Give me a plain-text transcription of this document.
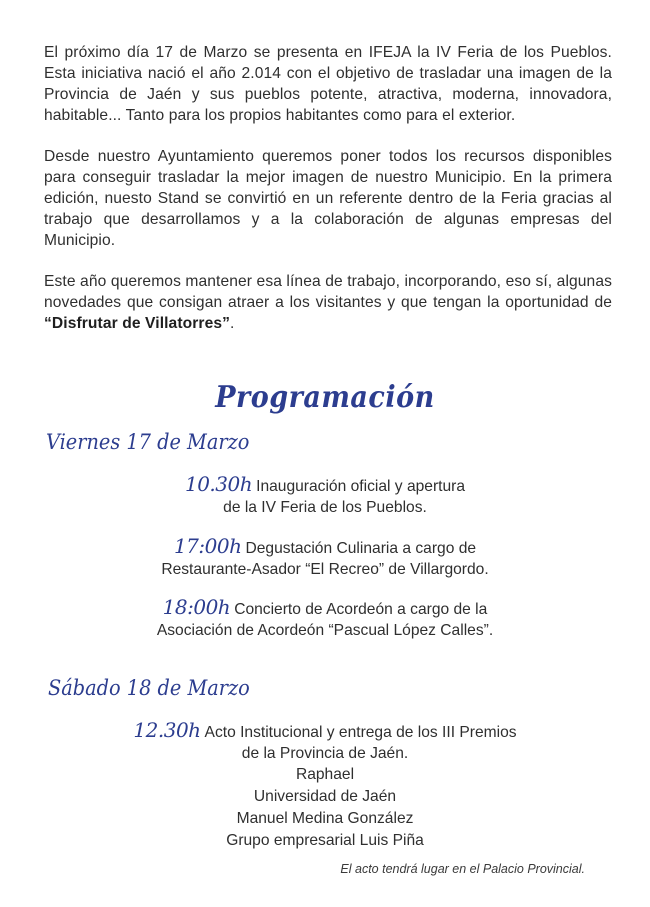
El próximo día 17 de Marzo se presenta en IFEJA la IV Feria de los Pueblos. Esta iniciativa nació el año 2.014 con el objetivo de trasladar una imagen de la Provincia de Jaén y sus pueblos potente, atractiva, moderna, innovadora, habitable... Tanto para los propios habitantes como para el exterior.

Desde nuestro Ayuntamiento queremos poner todos los recursos disponibles para conseguir trasladar la mejor imagen de nuestro Municipio. En la primera edición, nuesto Stand se convirtió en un referente dentro de la Feria gracias al trabajo que desarrollamos y a la colaboración de algunas empresas del Municipio.

Este año queremos mantener esa línea de trabajo, incorporando, eso sí, algunas novedades que consigan atraer a los visitantes y que tengan la oportunidad de “Disfrutar de Villatorres”.

Programación
Viernes 17 de Marzo
10.30h Inauguración oficial y apertura
de la IV Feria de los Pueblos.
17:00h Degustación Culinaria a cargo de
Restaurante-Asador “El Recreo” de Villargordo.
18:00h Concierto de Acordeón a cargo de la
Asociación de Acordeón “Pascual López Calles”.
Sábado 18 de Marzo
12.30h Acto Institucional y entrega de los III Premios
de la Provincia de Jaén.
Raphael
Universidad de Jaén
Manuel Medina González
Grupo empresarial Luis Piña
El acto tendrá lugar en el Palacio Provincial.
